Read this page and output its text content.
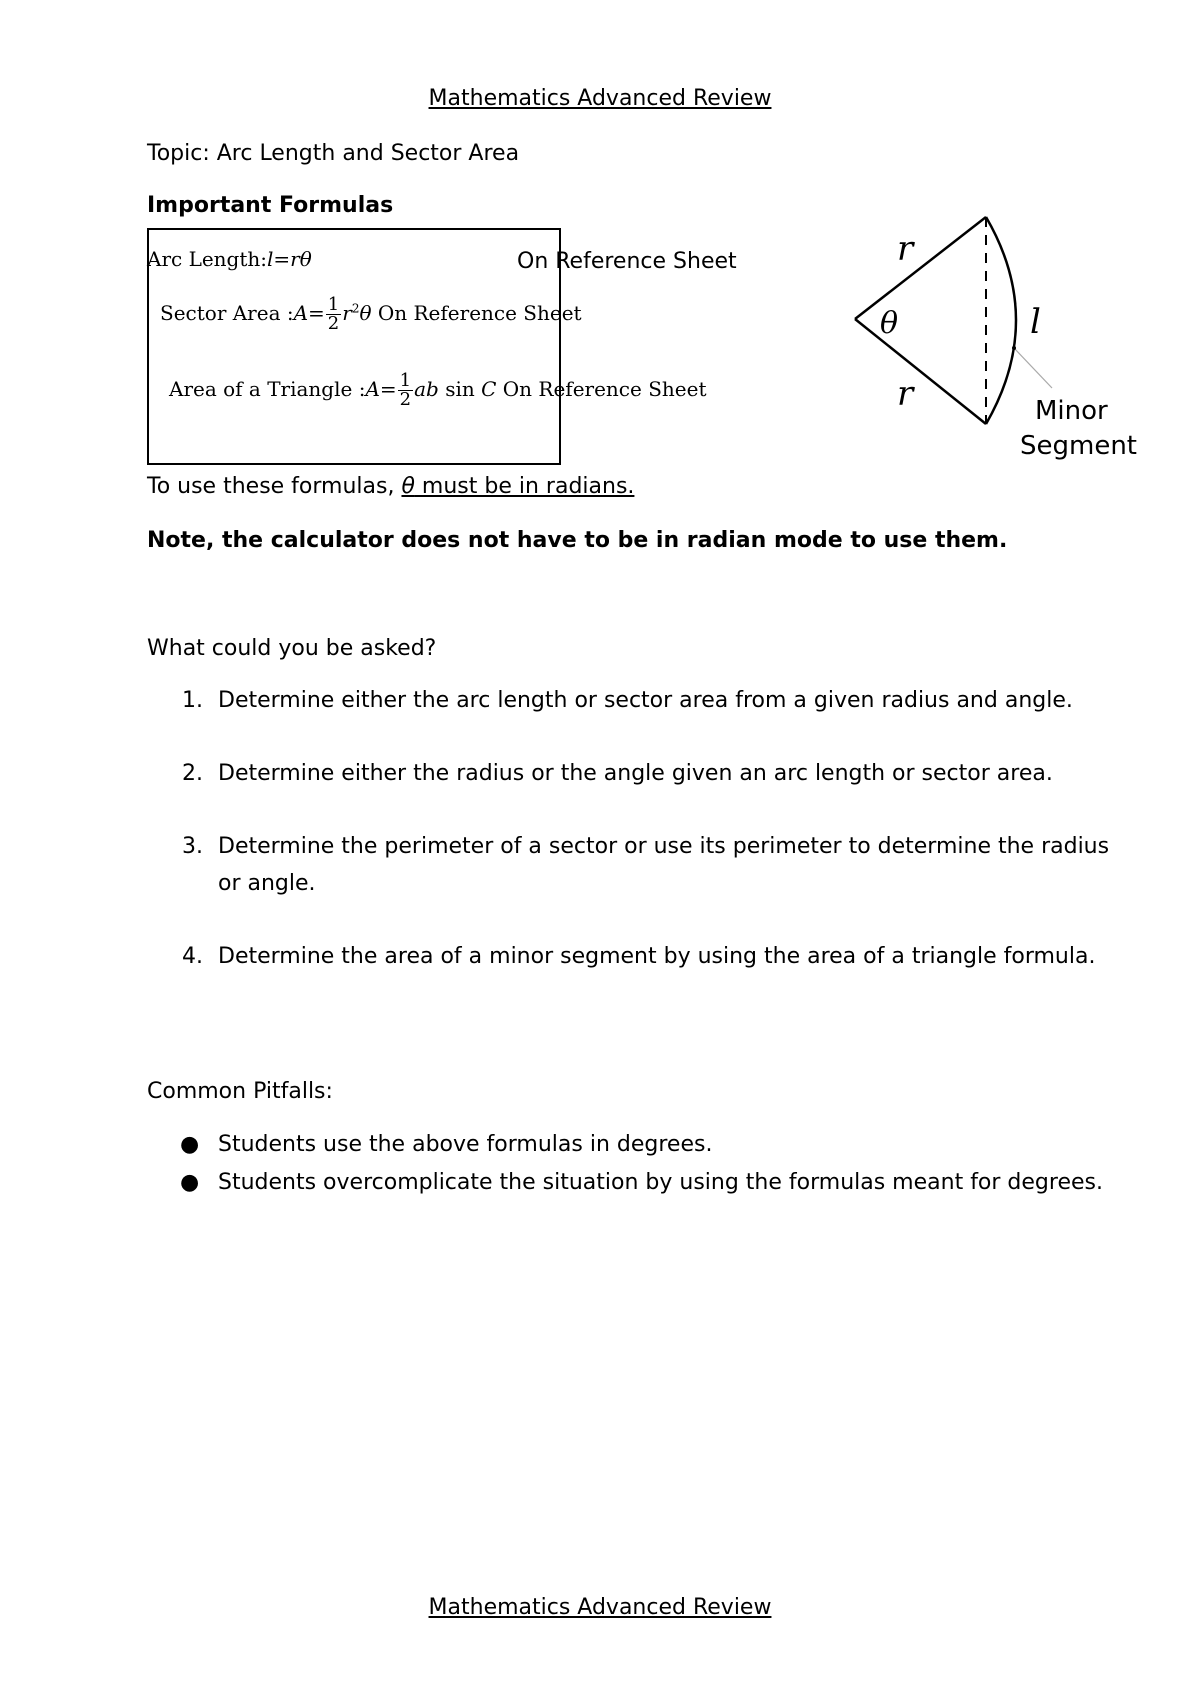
Mathematics Advanced Review
Topic: Arc Length and Sector Area
Important Formulas
Arc Length:l=rθ	On Reference Sheet
Sector Area :A= $\frac{1}{2} r^2\theta$ On Reference Sheet
Area of a Triangle :A= $\frac{1}{2}$ ab sin C On Reference Sheet
To use these formulas, θ must be in radians.
Note, the calculator does not have to be in radian mode to use them.
What could you be asked?
1. Determine either the arc length or sector area from a given radius and angle.
2. Determine either the radius or the angle given an arc length or sector area.
3. Determine the perimeter of a sector or use its perimeter to determine the radius or angle.
4. Determine the area of a minor segment by using the area of a triangle formula.
Common Pitfalls:
● Students use the above formulas in degrees.
● Students overcomplicate the situation by using the formulas meant for degrees.
r
r
θ	l
Minor
Segment
Mathematics Advanced Review
